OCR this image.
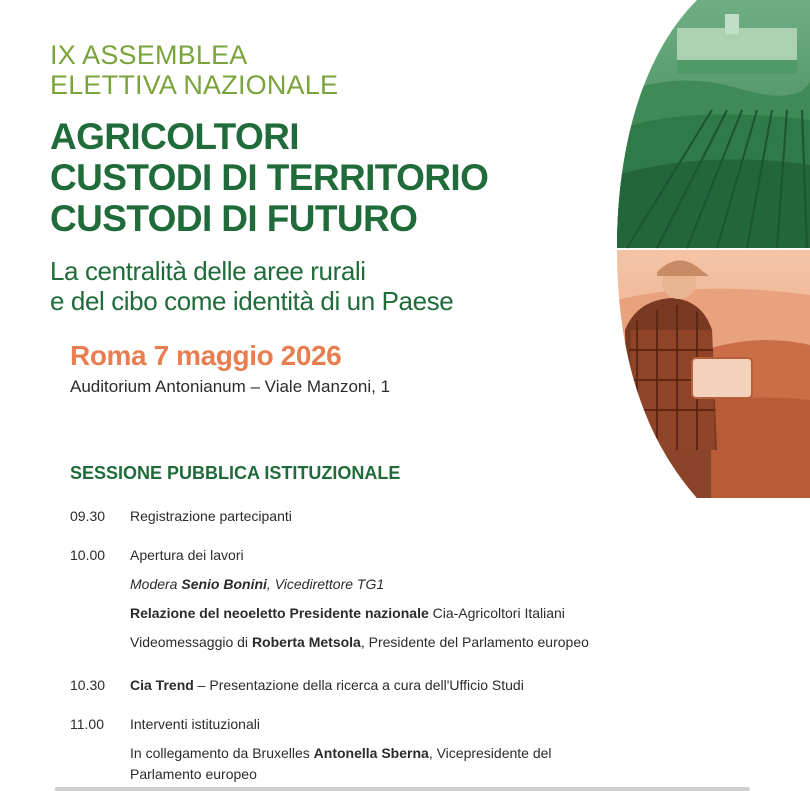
IX ASSEMBLEA
ELETTIVA NAZIONALE
AGRICOLTORI
CUSTODI DI TERRITORIO
CUSTODI DI FUTURO
La centralità delle aree rurali
e del cibo come identità di un Paese
Roma 7 maggio 2026
Auditorium Antonianum – Viale Manzoni, 1
SESSIONE PUBBLICA ISTITUZIONALE
09.30	Registrazione partecipanti
10.00	Apertura dei lavori
Modera Senio Bonini, Vicedirettore TG1
Relazione del neoeletto Presidente nazionale Cia-Agricoltori Italiani
Videomessaggio di Roberta Metsola, Presidente del Parlamento europeo
10.30	Cia Trend – Presentazione della ricerca a cura dell'Ufficio Studi
11.00	Interventi istituzionali
In collegamento da Bruxelles Antonella Sberna, Vicepresidente del
Parlamento europeo
